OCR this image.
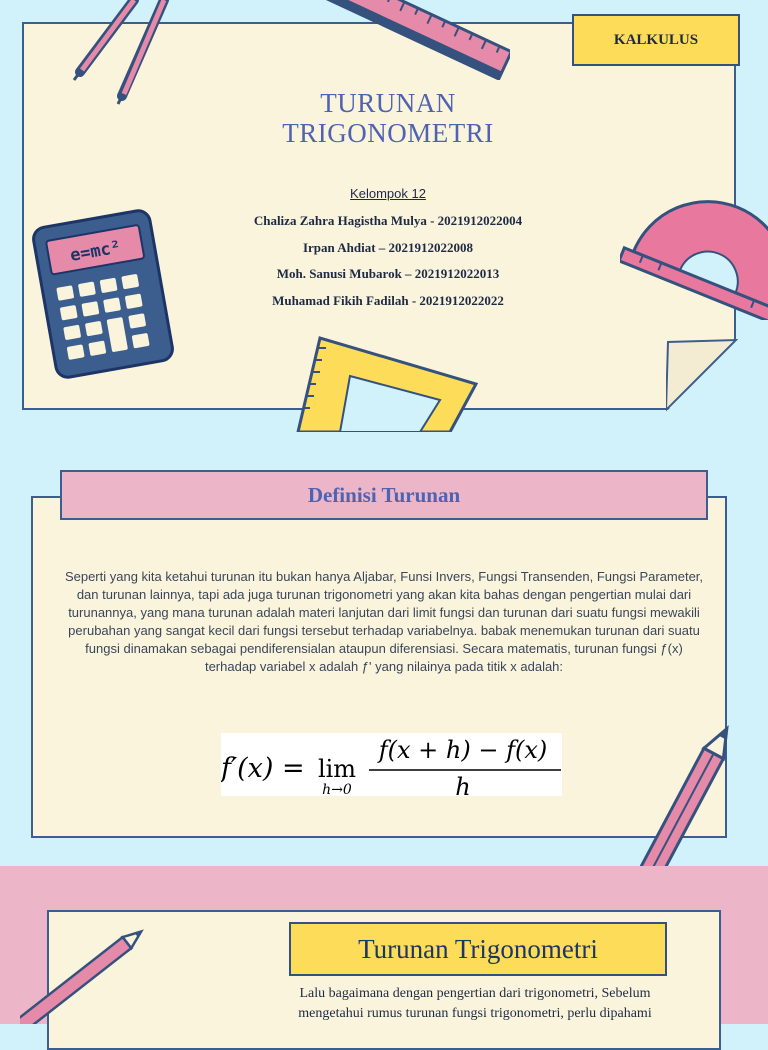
KALKULUS
TURUNAN
TRIGONOMETRI
Kelompok 12
Chaliza Zahra Hagistha Mulya - 2021912022004
Irpan Ahdiat – 2021912022008
Moh. Sanusi Mubarok – 2021912022013
Muhamad Fikih Fadilah - 2021912022022
e=mc²
Definisi Turunan
Seperti yang kita ketahui turunan itu bukan hanya Aljabar, Funsi Invers, Fungsi Transenden, Fungsi Parameter, dan turunan lainnya, tapi ada juga turunan trigonometri yang akan kita bahas dengan pengertian mulai dari turunannya, yang mana turunan adalah materi lanjutan dari limit fungsi dan turunan dari suatu fungsi mewakili perubahan yang sangat kecil dari fungsi tersebut terhadap variabelnya. babak menemukan turunan dari suatu fungsi dinamakan sebagai pendiferensialan ataupun diferensiasi. Secara matematis, turunan fungsi ƒ(x) terhadap variabel x adalah ƒ' yang nilainya pada titik x adalah:
f′(x) = lim
h→0
f(x + h) − f(x)
h
Turunan Trigonometri
Lalu bagaimana dengan pengertian dari trigonometri, Sebelum
mengetahui rumus turunan fungsi trigonometri, perlu dipahami
